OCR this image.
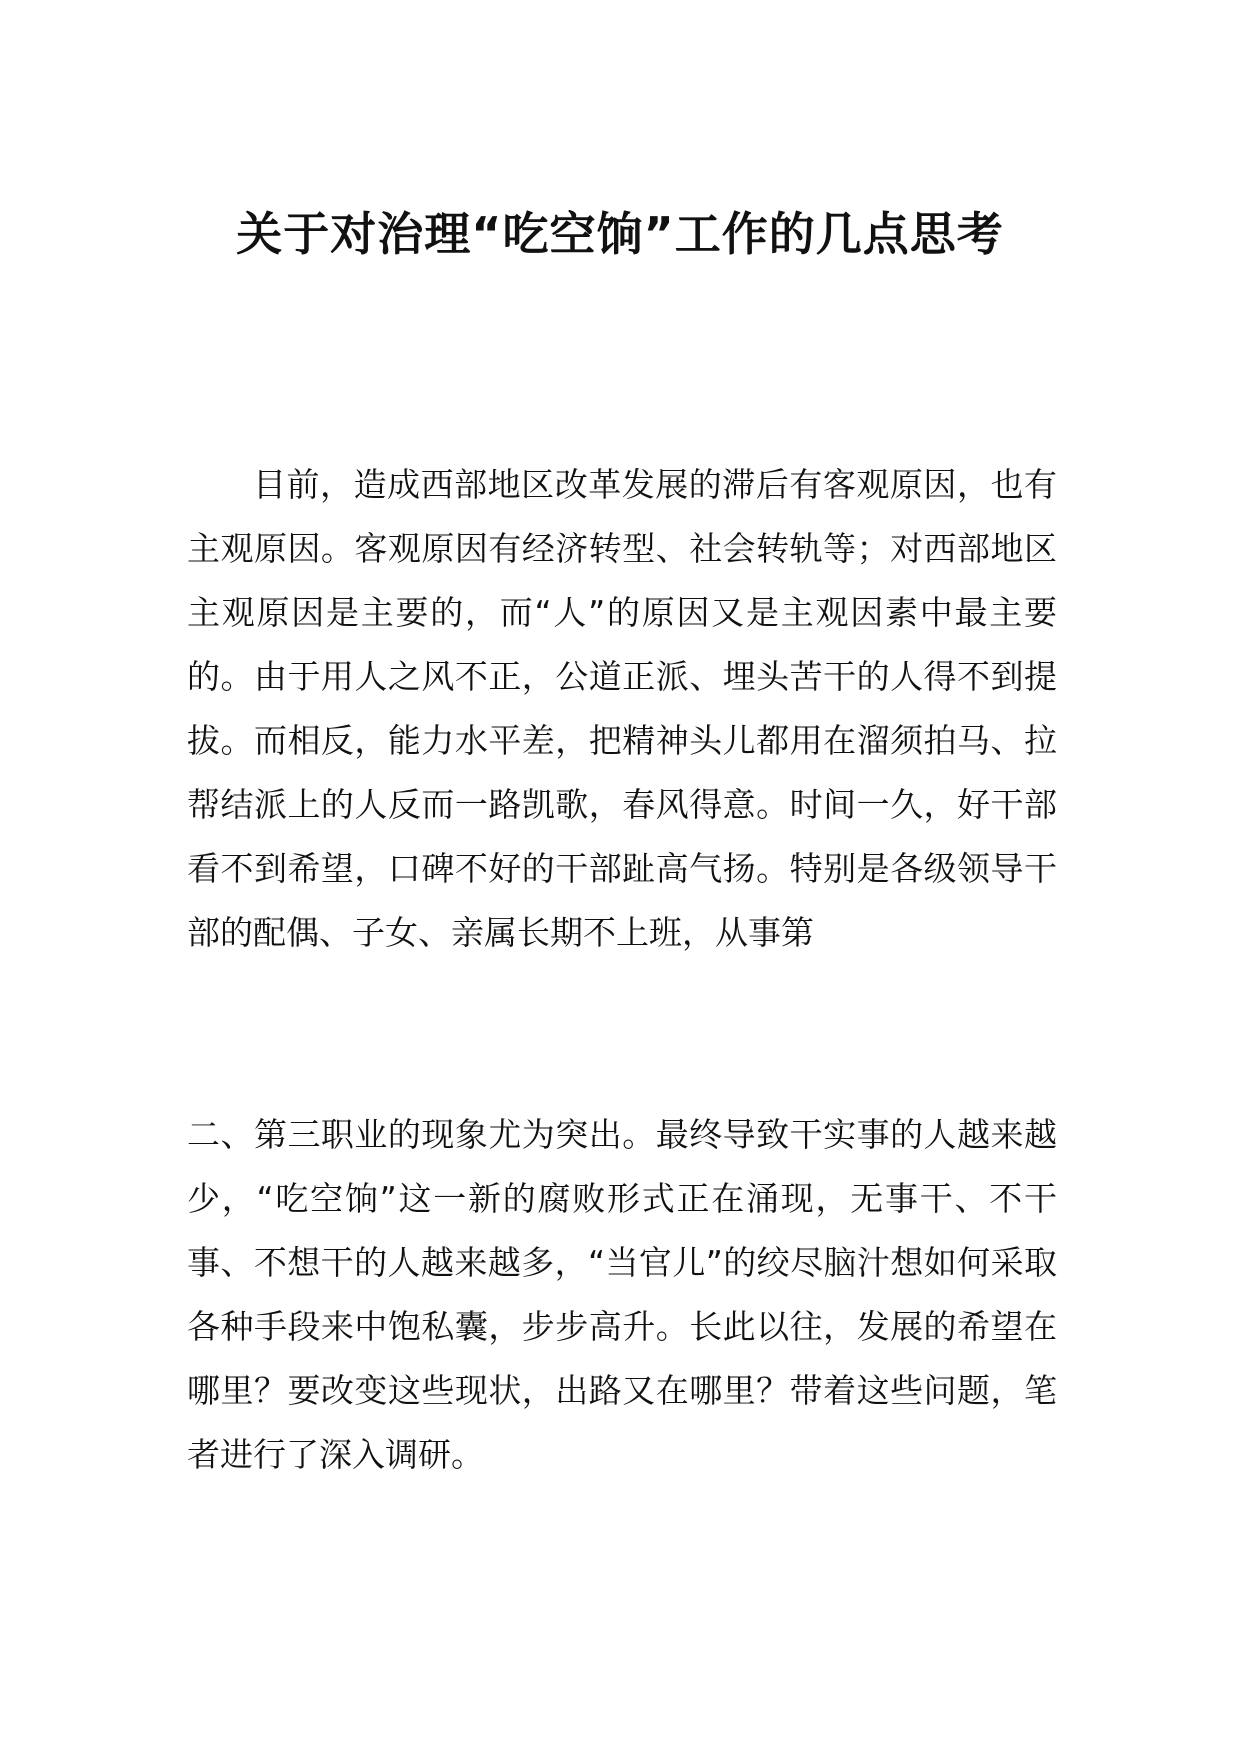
关于对治理“吃空饷”工作的几点思考

目前，造成西部地区改革发展的滞后有客观原因，也有主观原因。客观原因有经济转型、社会转轨等；对西部地区主观原因是主要的，而“人”的原因又是主观因素中最主要的。由于用人之风不正，公道正派、埋头苦干的人得不到提拔。而相反，能力水平差，把精神头儿都用在溜须拍马、拉帮结派上的人反而一路凯歌，春风得意。时间一久，好干部看不到希望，口碑不好的干部趾高气扬。特别是各级领导干部的配偶、子女、亲属长期不上班，从事第

二、第三职业的现象尤为突出。最终导致干实事的人越来越少，“吃空饷”这一新的腐败形式正在涌现，无事干、不干事、不想干的人越来越多，“当官儿”的绞尽脑汁想如何采取各种手段来中饱私囊，步步高升。长此以往，发展的希望在哪里？要改变这些现状，出路又在哪里？带着这些问题，笔者进行了深入调研。
